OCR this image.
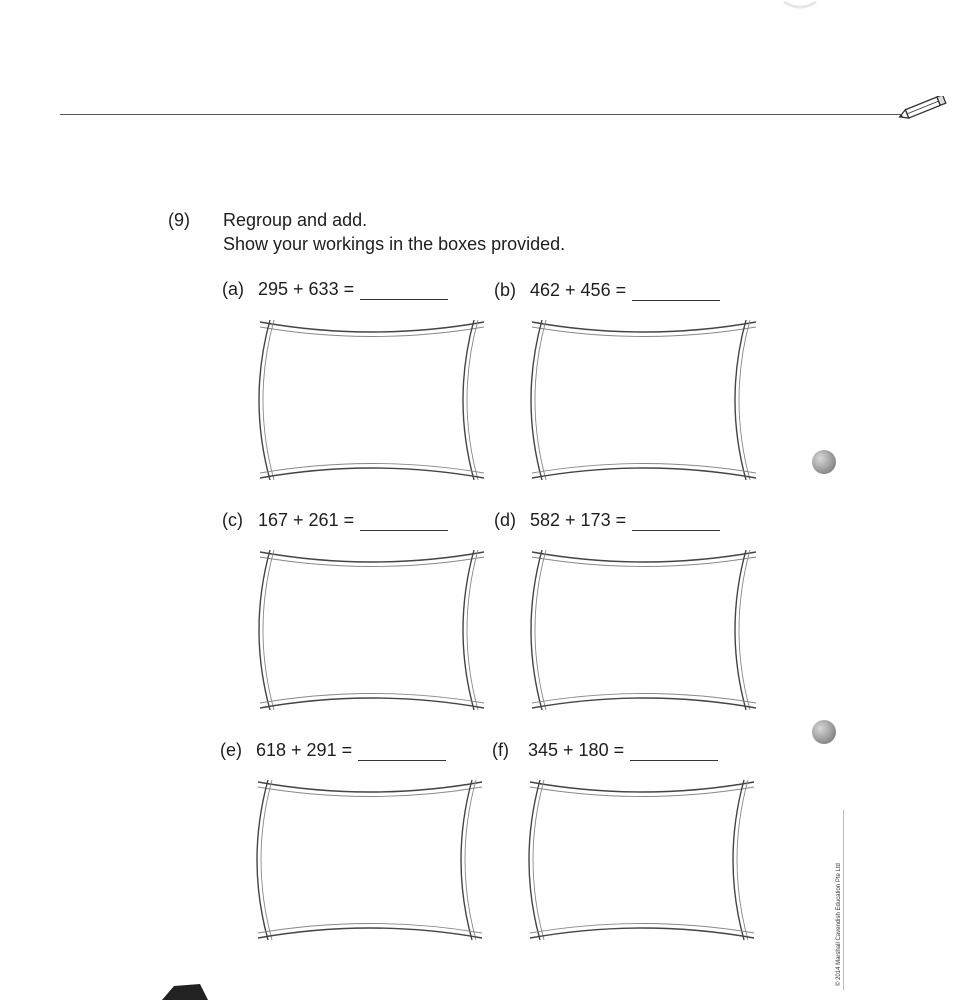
(9) Regroup and add.
Show your workings in the boxes provided.
(a) 295 + 633 =	(b) 462 + 456 =
(c) 167 + 261 =	(d) 582 + 173 =
(e) 618 + 291 =	(f) 345 + 180 =
© 2014 Marshall Cavendish Education Pte Ltd
